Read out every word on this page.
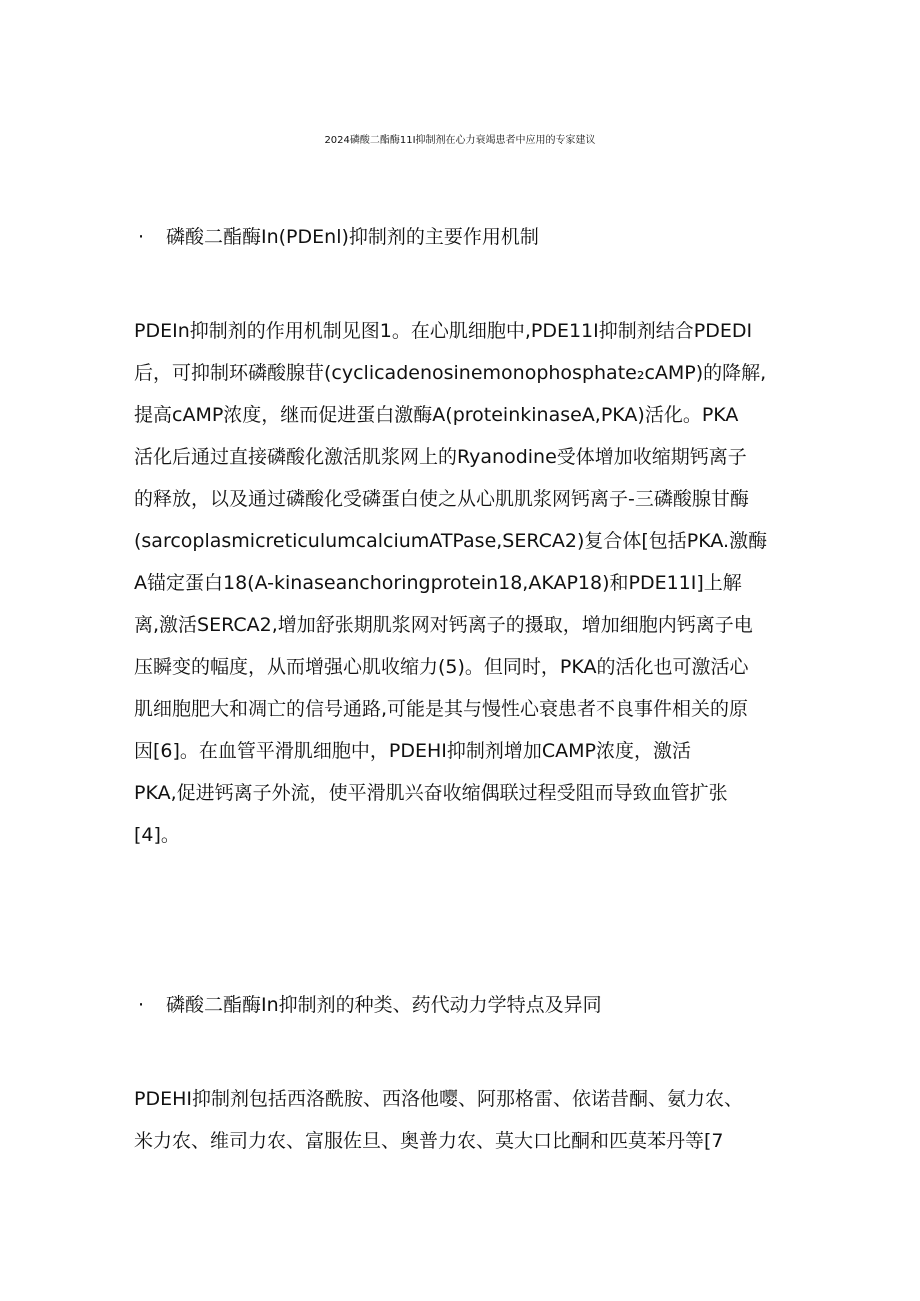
2024磷酸二酯酶11I抑制剂在心力衰竭患者中应用的专家建议
· 磷酸二酯酶In(PDEnl)抑制剂的主要作用机制
PDEIn抑制剂的作用机制见图1。在心肌细胞中,PDE11I抑制剂结合PDEDI
后，可抑制环磷酸腺苷(cyclicadenosinemonophosphate₂cAMP)的降解,
提高cAMP浓度，继而促进蛋白激酶A(proteinkinaseA,PKA)活化。PKA
活化后通过直接磷酸化激活肌浆网上的Ryanodine受体增加收缩期钙离子
的释放，以及通过磷酸化受磷蛋白使之从心肌肌浆网钙离子-三磷酸腺甘酶
(sarcoplasmicreticulumcalciumATPase,SERCA2)复合体[包括PKA.激酶
A锚定蛋白18(A-kinaseanchoringprotein18,AKAP18)和PDE11I]上解
离,激活SERCA2,增加舒张期肌浆网对钙离子的摄取，增加细胞内钙离子电
压瞬变的幅度，从而增强心肌收缩力(5)。但同时，PKA的活化也可激活心
肌细胞肥大和凋亡的信号通路,可能是其与慢性心衰患者不良事件相关的原
因[6]。在血管平滑肌细胞中，PDEHI抑制剂增加CAMP浓度，激活
PKA,促进钙离子外流，使平滑肌兴奋收缩偶联过程受阻而导致血管扩张
[4]。
· 磷酸二酯酶In抑制剂的种类、药代动力学特点及异同
PDEHI抑制剂包括西洛酰胺、西洛他嘤、阿那格雷、依诺昔酮、氨力农、
米力农、维司力农、富服佐旦、奥普力农、莫大口比酮和匹莫苯丹等[7
